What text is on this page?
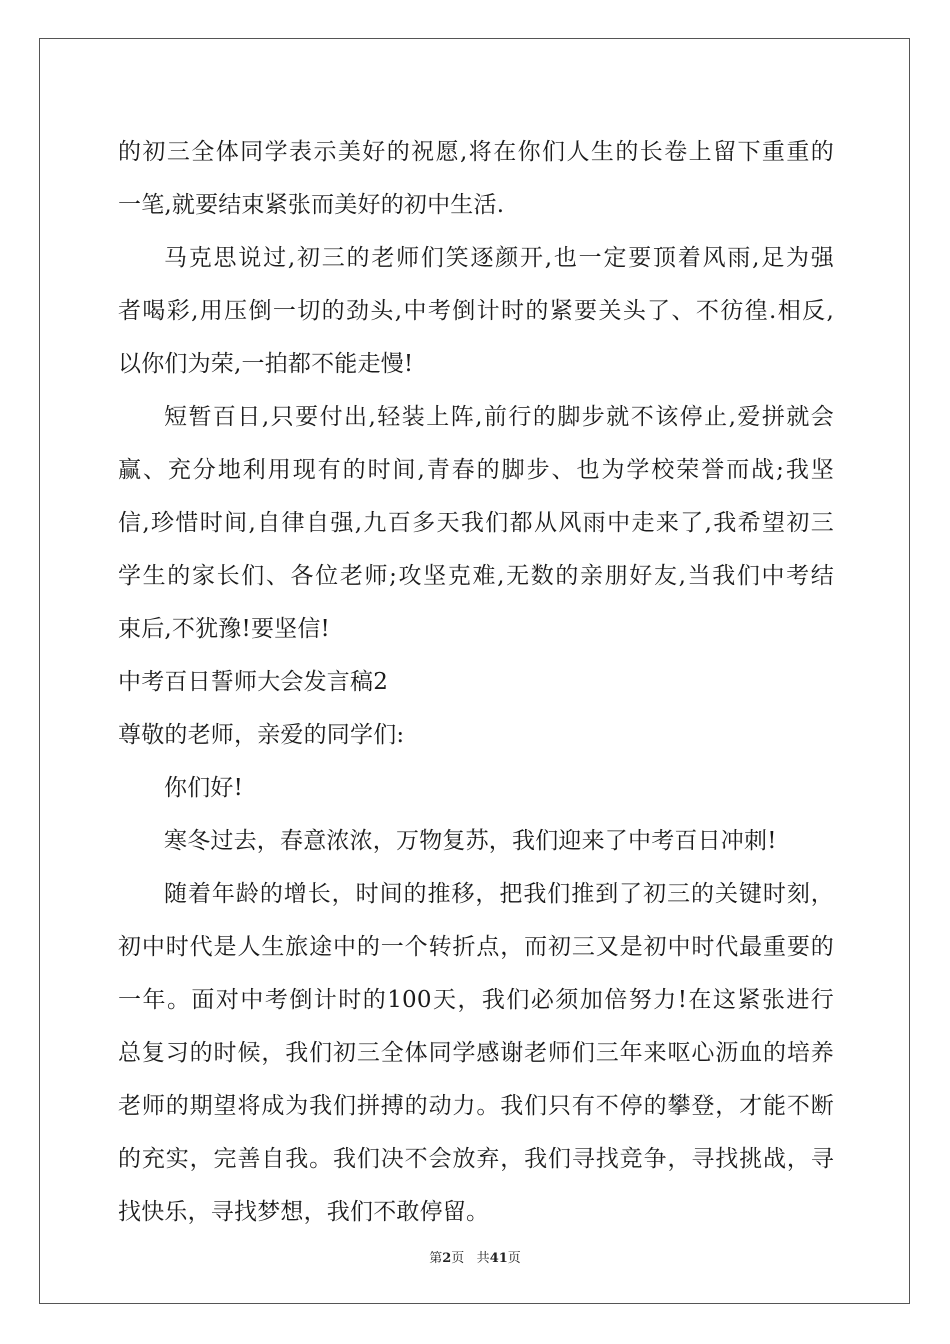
的初三全体同学表示美好的祝愿,将在你们人生的长卷上留下重重的
一笔,就要结束紧张而美好的初中生活.
马克思说过,初三的老师们笑逐颜开,也一定要顶着风雨,足为强
者喝彩,用压倒一切的劲头,中考倒计时的紧要关头了、不彷徨.相反,
以你们为荣,一拍都不能走慢!
短暂百日,只要付出,轻装上阵,前行的脚步就不该停止,爱拼就会
赢、充分地利用现有的时间,青春的脚步、也为学校荣誉而战;我坚
信,珍惜时间,自律自强,九百多天我们都从风雨中走来了,我希望初三
学生的家长们、各位老师;攻坚克难,无数的亲朋好友,当我们中考结
束后,不犹豫!要坚信!
中考百日誓师大会发言稿2
尊敬的老师，亲爱的同学们:
你们好!
寒冬过去，春意浓浓，万物复苏，我们迎来了中考百日冲刺!
随着年龄的增长，时间的推移，把我们推到了初三的关键时刻，
初中时代是人生旅途中的一个转折点，而初三又是初中时代最重要的
一年。面对中考倒计时的100天，我们必须加倍努力!在这紧张进行
总复习的时候，我们初三全体同学感谢老师们三年来呕心沥血的培养
老师的期望将成为我们拼搏的动力。我们只有不停的攀登，才能不断
的充实，完善自我。我们决不会放弃，我们寻找竞争，寻找挑战，寻
找快乐，寻找梦想，我们不敢停留。
第2页 共41页
